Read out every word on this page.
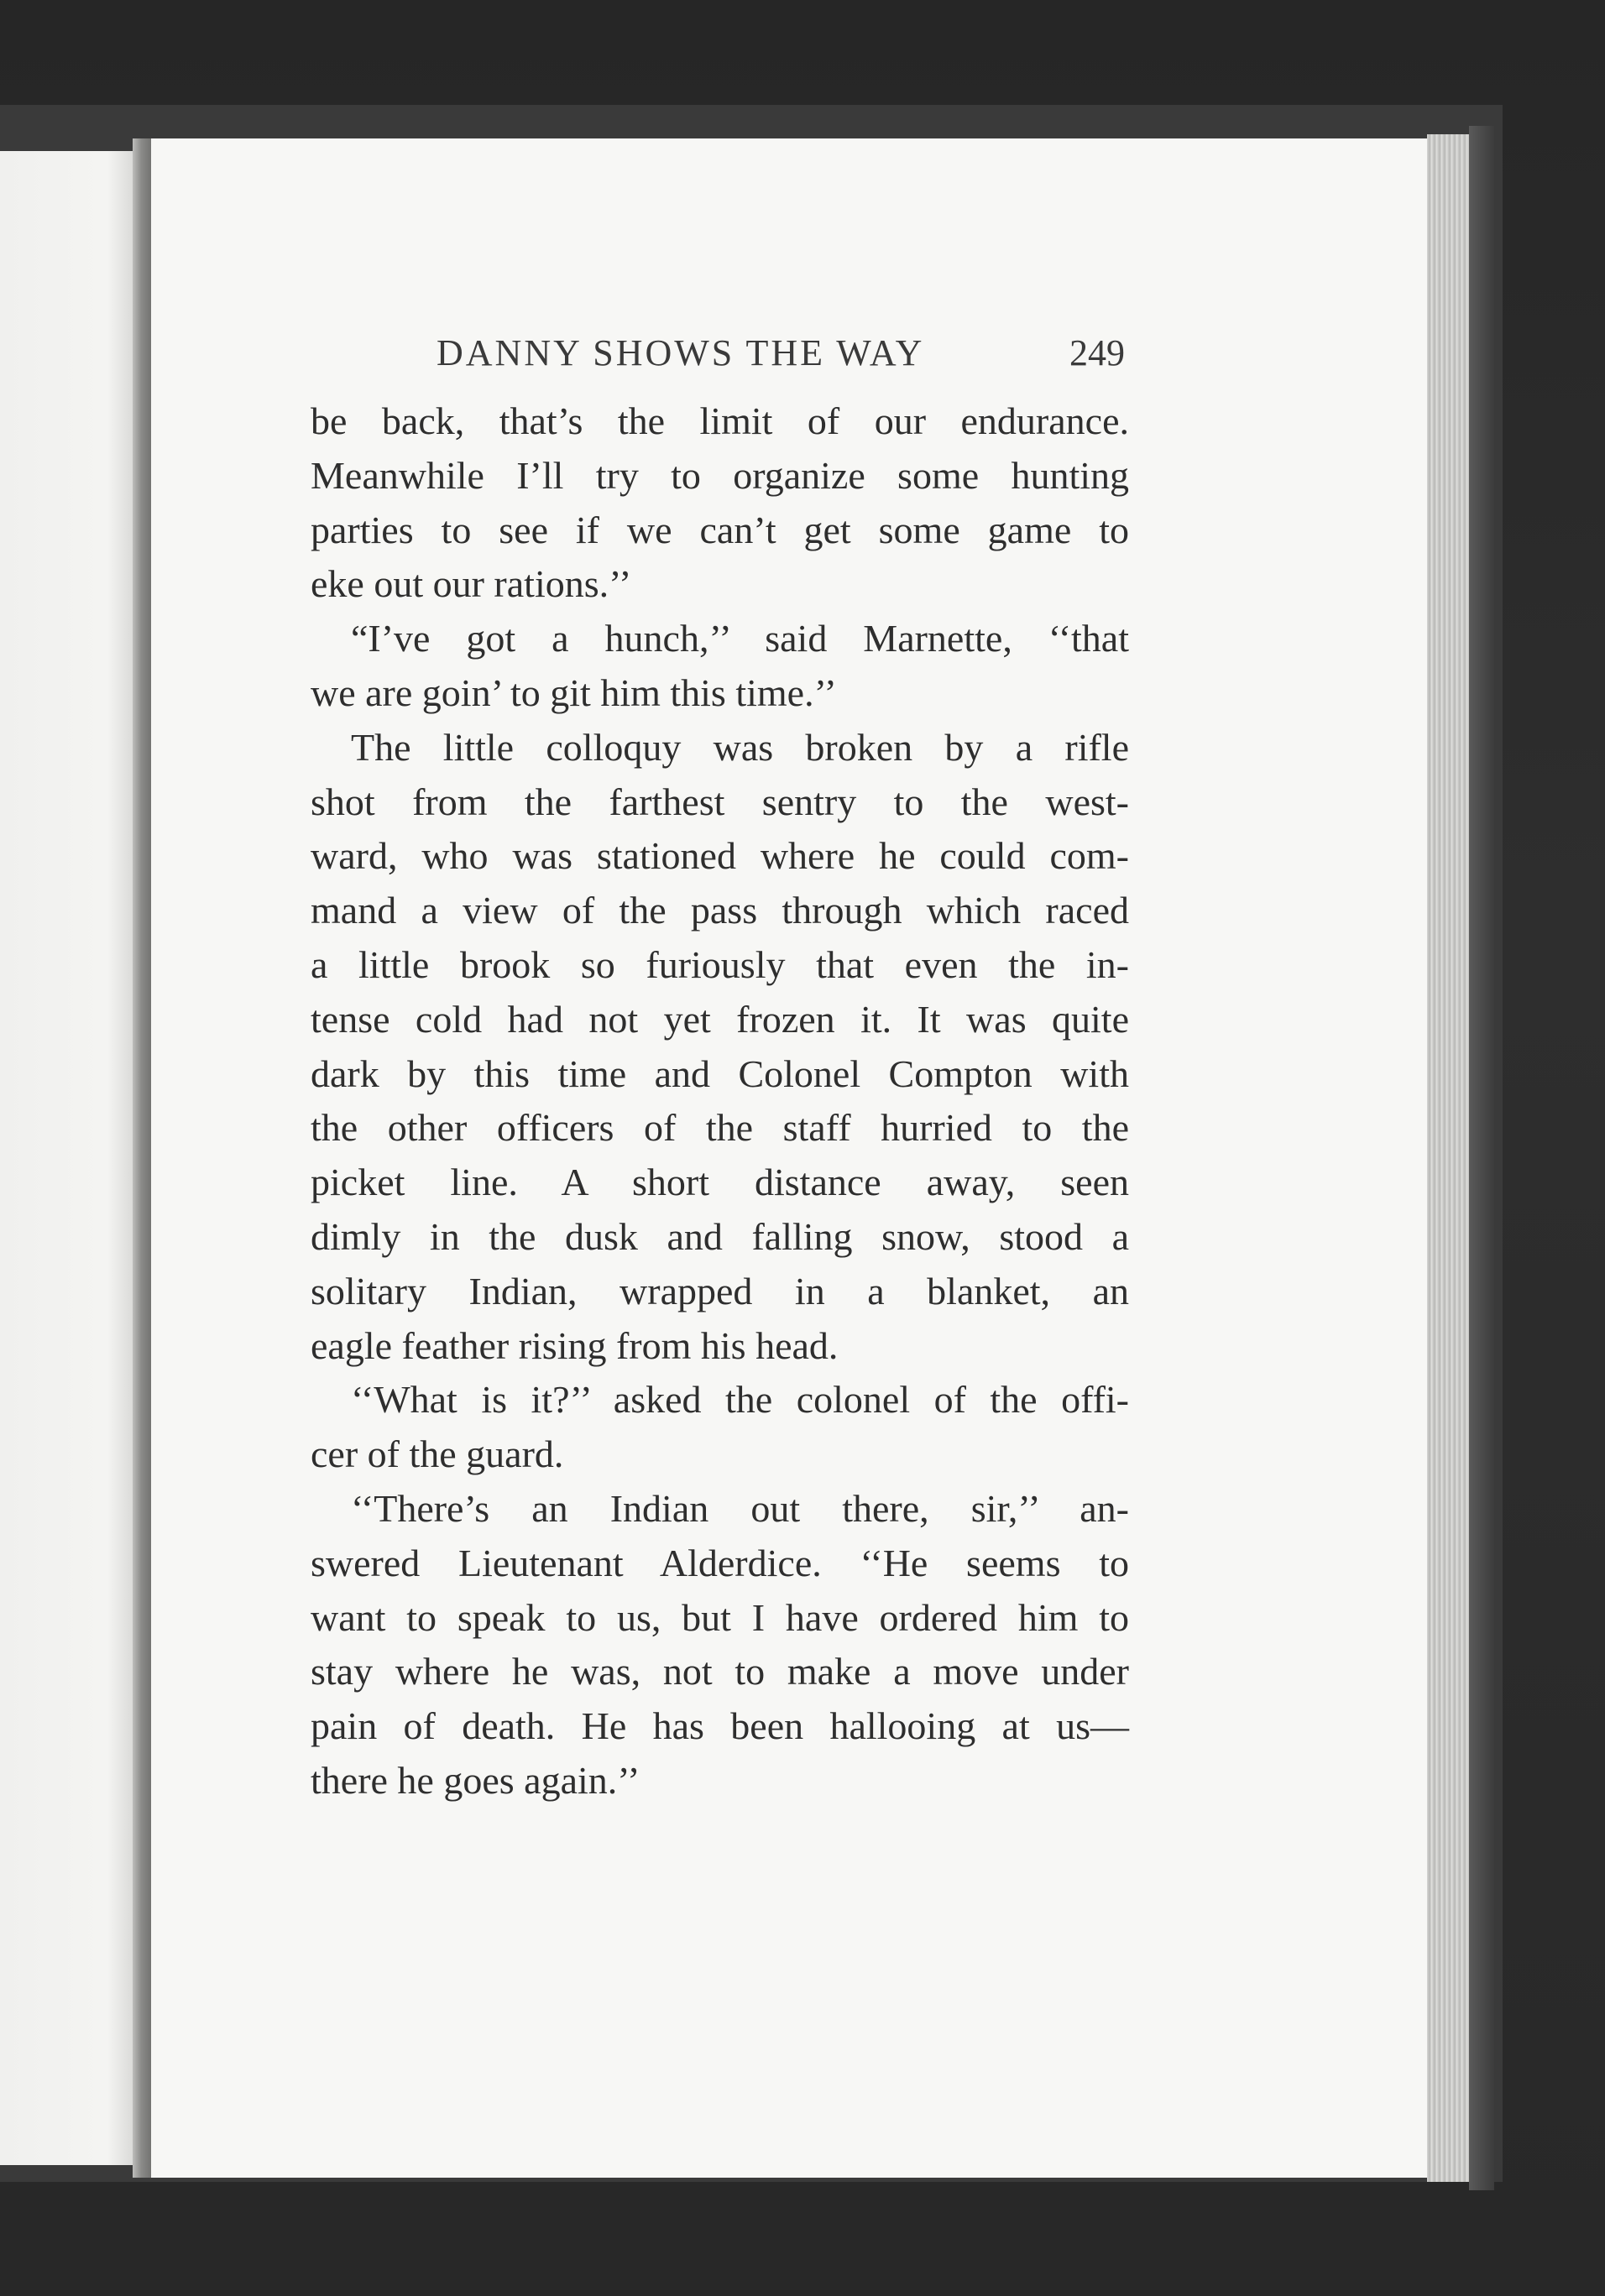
DANNY SHOWS THE WAY	249
be back, that’s the limit of our endurance.
Meanwhile I’ll try to organize some hunting
parties to see if we can’t get some game to
eke out our rations.’’
“I’ve got a hunch,’’ said Marnette, ‘‘that
we are goin’ to git him this time.’’
The little colloquy was broken by a rifle
shot from the farthest sentry to the west-
ward, who was stationed where he could com-
mand a view of the pass through which raced
a little brook so furiously that even the in-
tense cold had not yet frozen it. It was quite
dark by this time and Colonel Compton with
the other officers of the staff hurried to the
picket line. A short distance away, seen
dimly in the dusk and falling snow, stood a
solitary Indian, wrapped in a blanket, an
eagle feather rising from his head.
‘‘What is it?’’ asked the colonel of the offi-
cer of the guard.
‘‘There’s an Indian out there, sir,’’ an-
swered Lieutenant Alderdice. ‘‘He seems to
want to speak to us, but I have ordered him to
stay where he was, not to make a move under
pain of death. He has been hallooing at us—
there he goes again.’’
